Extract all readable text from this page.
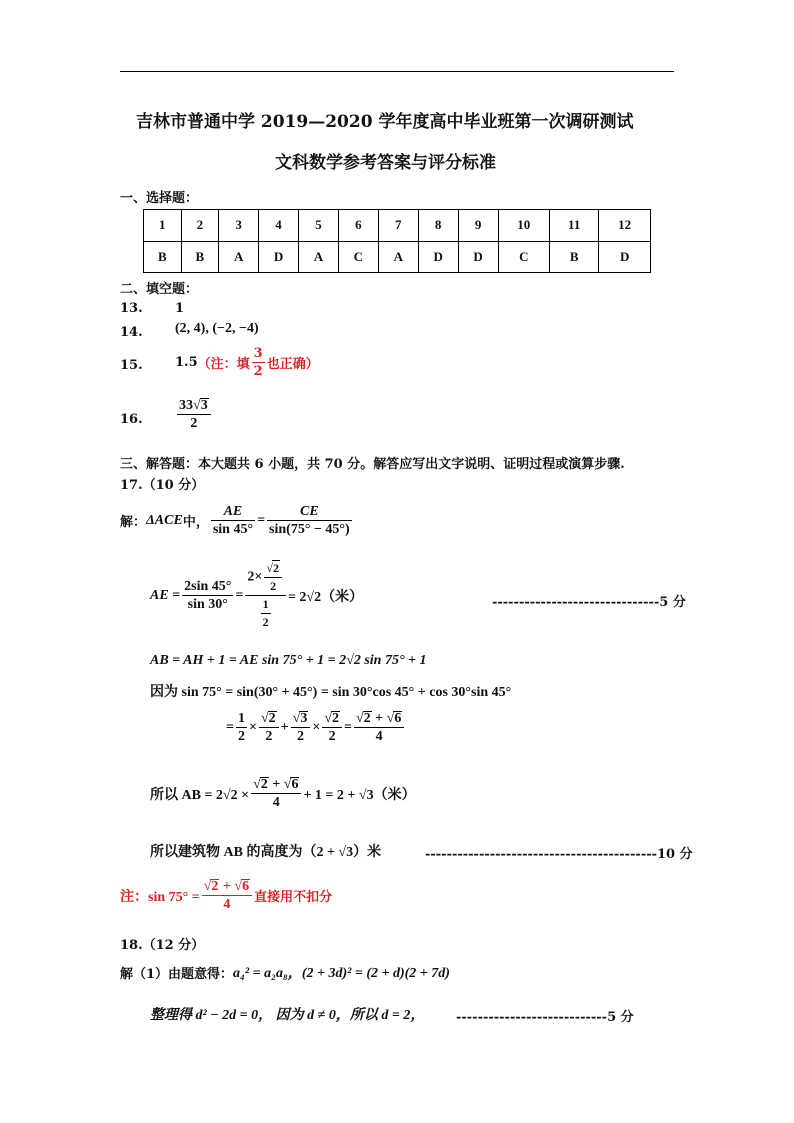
吉林市普通中学 2019—2020 学年度高中毕业班第一次调研测试
文科数学参考答案与评分标准
一、选择题：
1	2	3	4	5	6	7	8	9	10	11	12
B	B	A	D	A	C	A	D	D	C	B	D
二、填空题：
13. 1
14. (2, 4), (−2, −4)
15. 1.5 （注：填 $\frac{3}{2}$ 也正确）
16. $\frac{33√3}{2}$
三、解答题：本大题共 6 小题，共 70 分。解答应写出文字说明、证明过程或演算步骤.
17.（10 分）
解： ΔACE 中， $\frac{AE}{\sin 45^\circ} = \frac{CE}{\sin(75^\circ - 45^\circ)}$
AE = $\frac{2\sin 45^\circ}{\sin 30^\circ} = \frac{2\times \frac{√2}{2}}{\frac{1}{2}} = 2√2$（米）	-------------------------------5 分
AB = AH + 1 = AE sin 75° + 1 = 2√2 sin 75° + 1
因为 sin 75° = sin(30° + 45°) = sin 30°cos 45° + cos 30°sin 45°
= $\frac{1}{2} \times \frac{√2}{2} + \frac{√3}{2} \times \frac{√2}{2} = \frac{√2 + √6}{4}$
所以 AB = $2√2 \times \frac{√2 + √6}{4} + 1 = 2 + √3$（米）
所以建筑物 AB 的高度为（2 + √3）米	-------------------------------------------10 分
注：$\sin 75^\circ = \frac{√2 + √6}{4}$ 直接用不扣分
18.（12 分）
解（1）由题意得： a₄² = a₂a₈，(2 + 3d)² = (2 + d)(2 + 7d)
整理得 d² − 2d = 0， 因为 d ≠ 0，所以 d = 2， ----------------------------5 分
